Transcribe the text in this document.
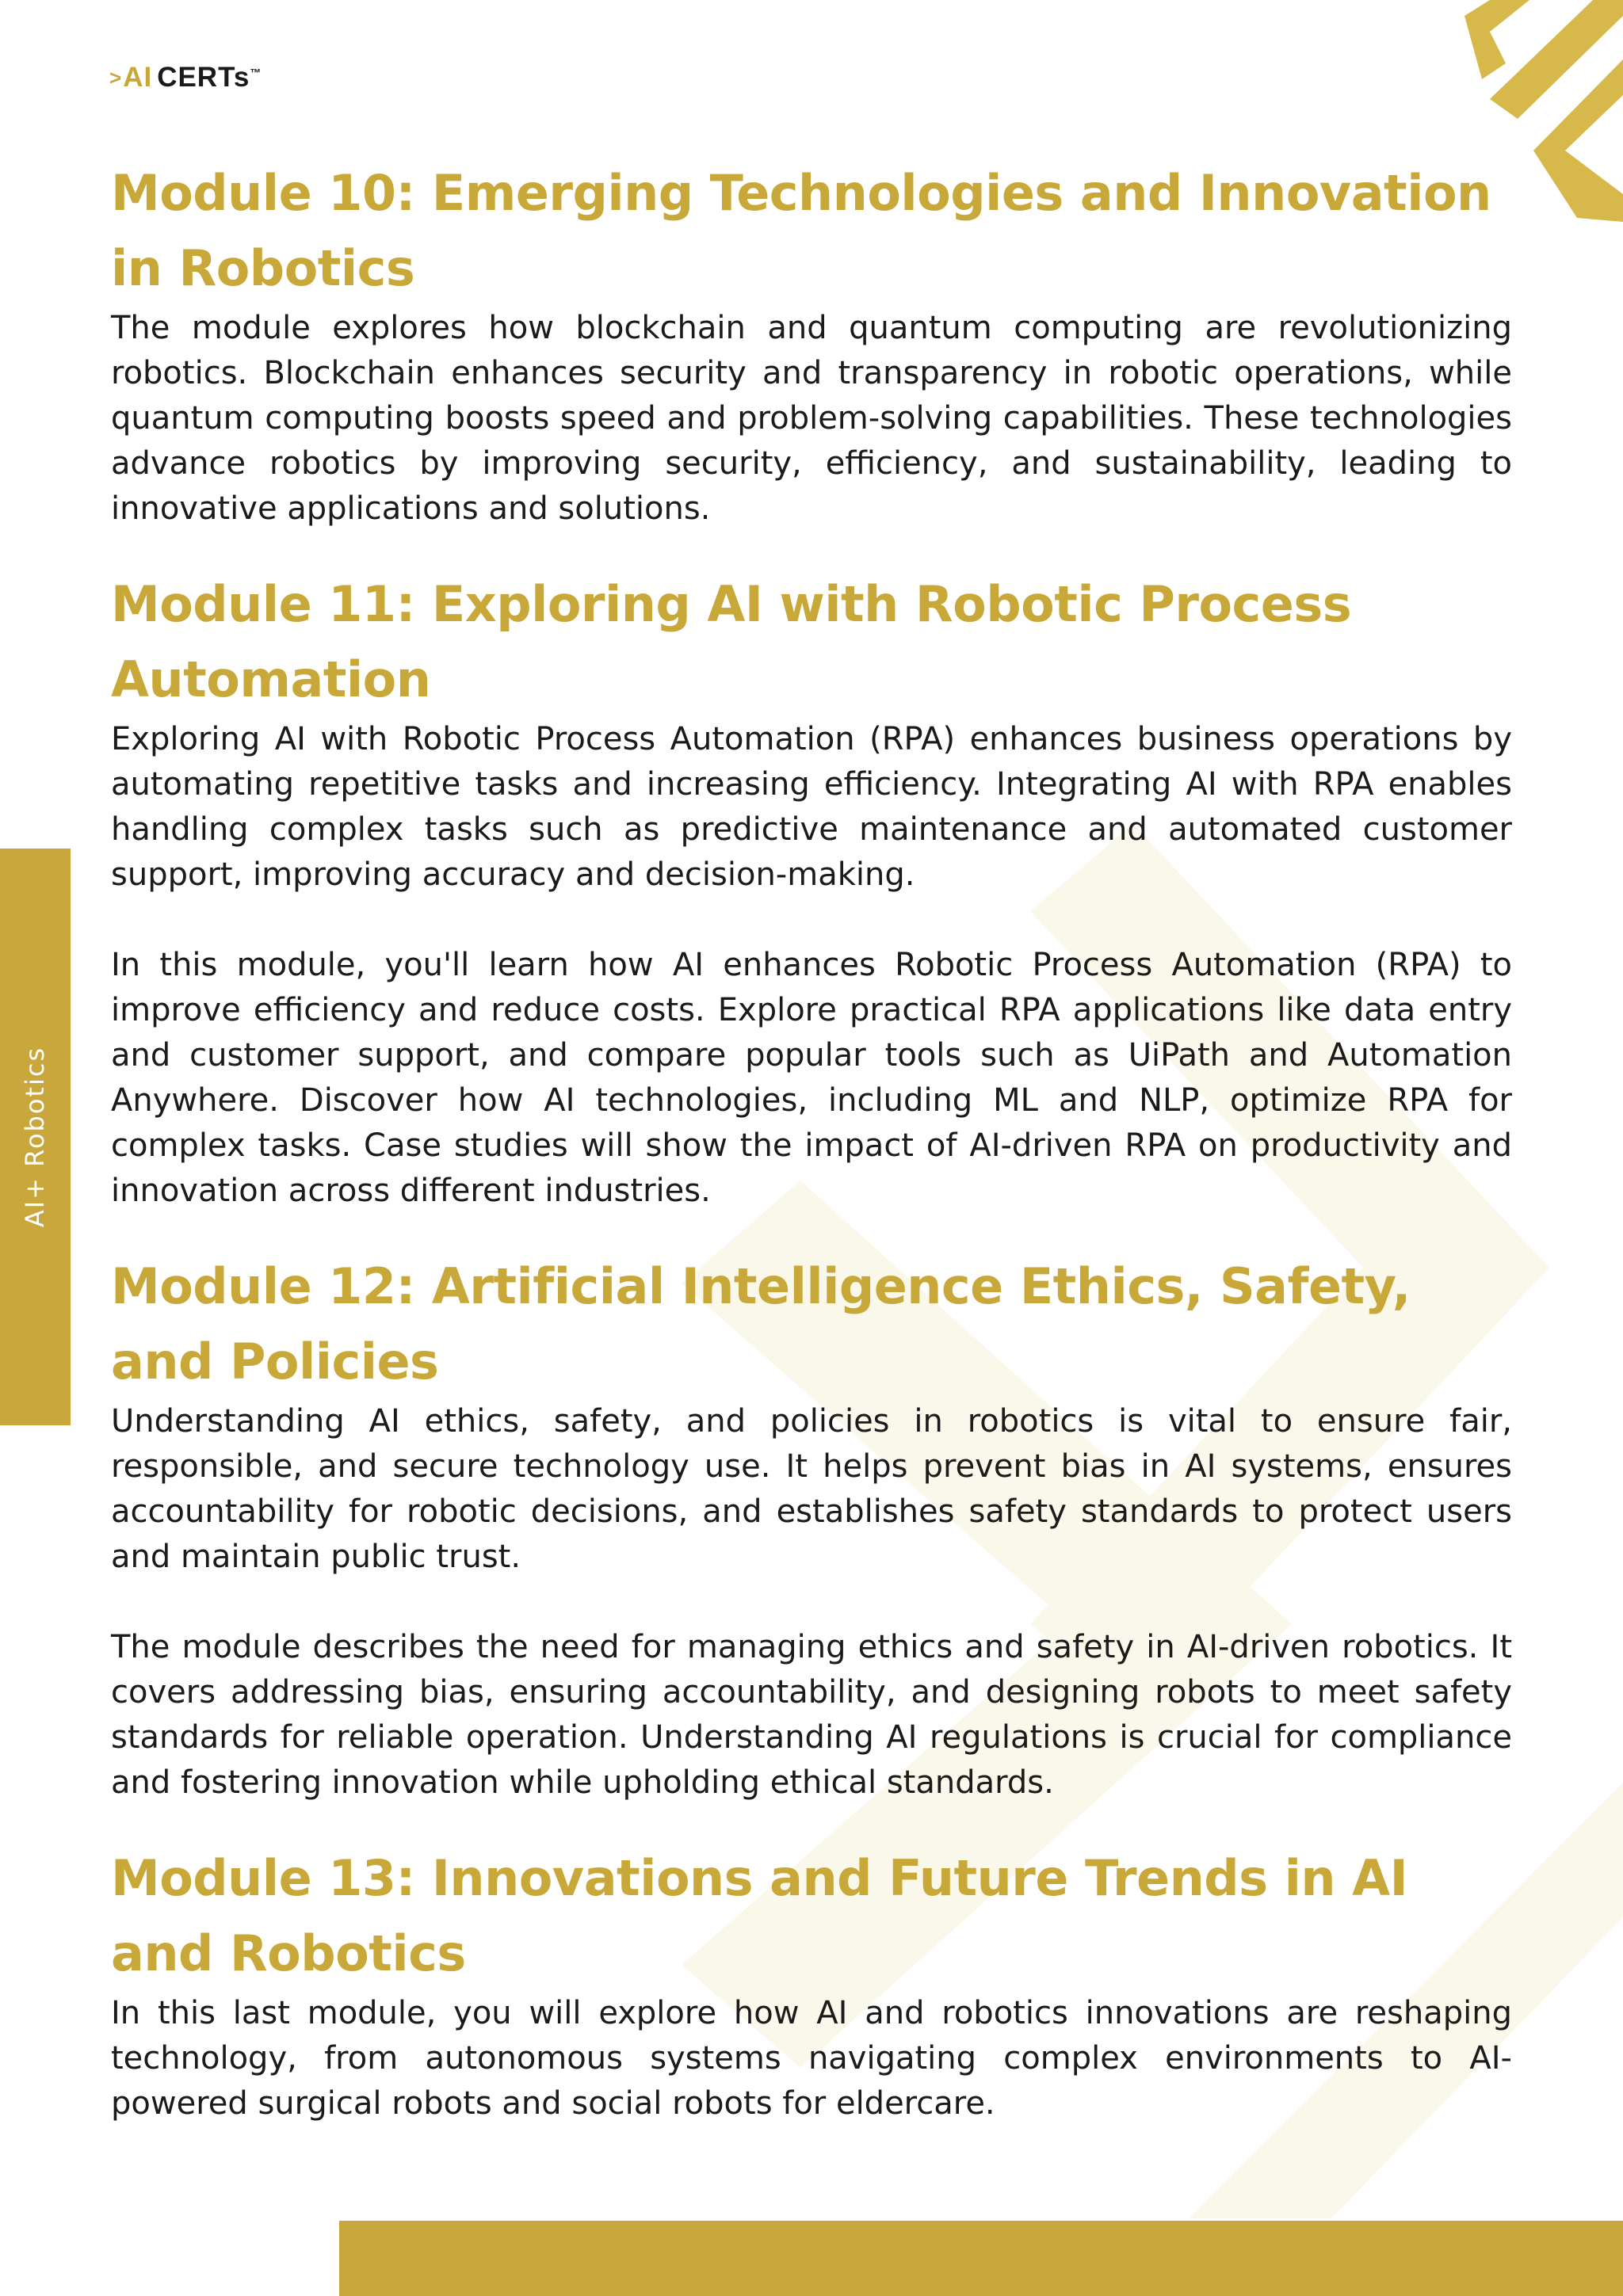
> AI CERTs™
AI+ Robotics
Module 10: Emerging Technologies and Innovation in Robotics

The module explores how blockchain and quantum computing are revolutionizing robotics. Blockchain enhances security and transparency in robotic operations, while quantum computing boosts speed and problem-solving capabilities. These technologies advance robotics by improving security, efficiency, and sustainability, leading to innovative applications and solutions.

Module 11: Exploring AI with Robotic Process Automation

Exploring AI with Robotic Process Automation (RPA) enhances business operations by automating repetitive tasks and increasing efficiency. Integrating AI with RPA enables handling complex tasks such as predictive maintenance and automated customer support, improving accuracy and decision-making.

In this module, you'll learn how AI enhances Robotic Process Automation (RPA) to improve efficiency and reduce costs. Explore practical RPA applications like data entry and customer support, and compare popular tools such as UiPath and Automation Anywhere. Discover how AI technologies, including ML and NLP, optimize RPA for complex tasks. Case studies will show the impact of AI-driven RPA on productivity and innovation across different industries.

Module 12: Artificial Intelligence Ethics, Safety, and Policies

Understanding AI ethics, safety, and policies in robotics is vital to ensure fair, responsible, and secure technology use. It helps prevent bias in AI systems, ensures accountability for robotic decisions, and establishes safety standards to protect users and maintain public trust.

The module describes the need for managing ethics and safety in AI-driven robotics. It covers addressing bias, ensuring accountability, and designing robots to meet safety standards for reliable operation. Understanding AI regulations is crucial for compliance and fostering innovation while upholding ethical standards.

Module 13: Innovations and Future Trends in AI and Robotics

In this last module, you will explore how AI and robotics innovations are reshaping technology, from autonomous systems navigating complex environments to AI-powered surgical robots and social robots for eldercare.
